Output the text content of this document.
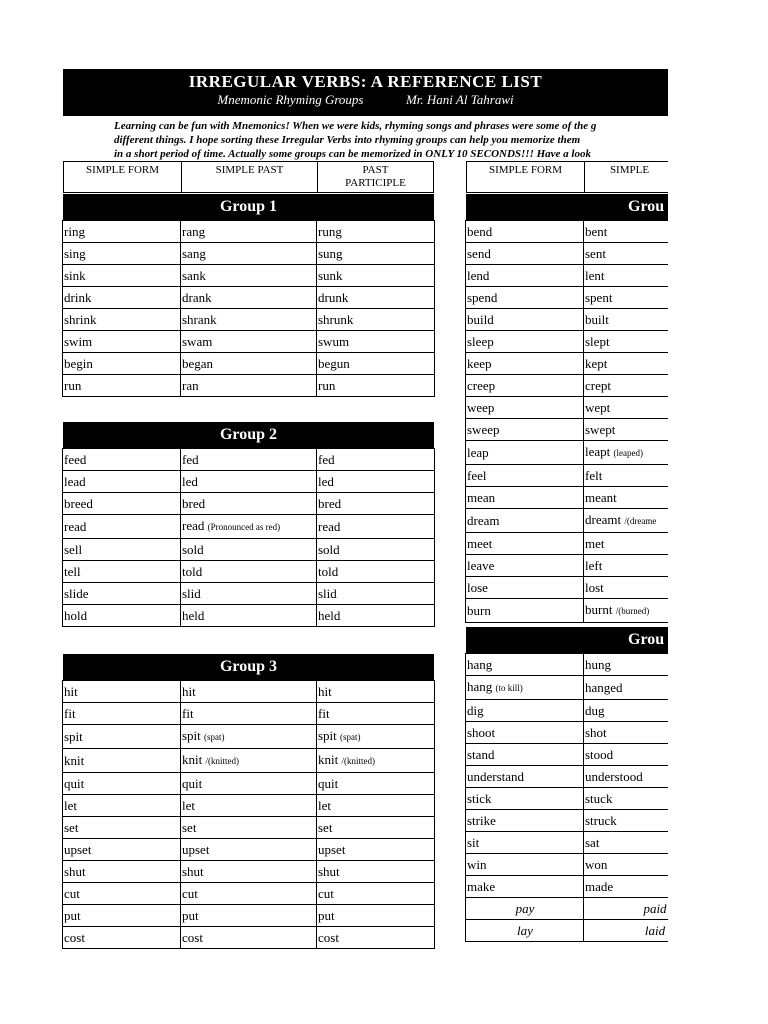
IRREGULAR VERBS: A REFERENCE LIST
Mnemonic Rhyming Groups	Mr. Hani Al Tahrawi
Learning can be fun with Mnemonics! When we were kids, rhyming songs and phrases were some of the g
different things. I hope sorting these Irregular Verbs into rhyming groups can help you memorize them
in a short period of time. Actually some groups can be memorized in ONLY 10 SECONDS!!! Have a look
SIMPLE FORM	SIMPLE PAST	PAST
PARTICIPLE
SIMPLE FORM	SIMPLE
Group 1
Group 2
Group 3
Grou
Grou
ring	rang	rung
sing	sang	sung
sink	sank	sunk
drink	drank	drunk
shrink	shrank	shrunk
swim	swam	swum
begin	began	begun
run	ran	run
feed	fed	fed
lead	led	led
breed	bred	bred
read	read (Pronounced as red)	read
sell	sold	sold
tell	told	told
slide	slid	slid
hold	held	held
hit	hit	hit
fit	fit	fit
spit	spit (spat)	spit (spat)
knit	knit /(knitted)	knit /(knitted)
quit	quit	quit
let	let	let
set	set	set
upset	upset	upset
shut	shut	shut
cut	cut	cut
put	put	put
cost	cost	cost
bend	bent
send	sent
lend	lent
spend	spent
build	built
sleep	slept
keep	kept
creep	crept
weep	wept
sweep	swept
leap	leapt (leaped)
feel	felt
mean	meant
dream	dreamt /(dreame
meet	met
leave	left
lose	lost
burn	burnt /(burned)
hang	hung
hang (to kill)	hanged
dig	dug
shoot	shot
stand	stood
understand	understood
stick	stuck
strike	struck
sit	sat
win	won
make	made
pay	paid
lay	laid
